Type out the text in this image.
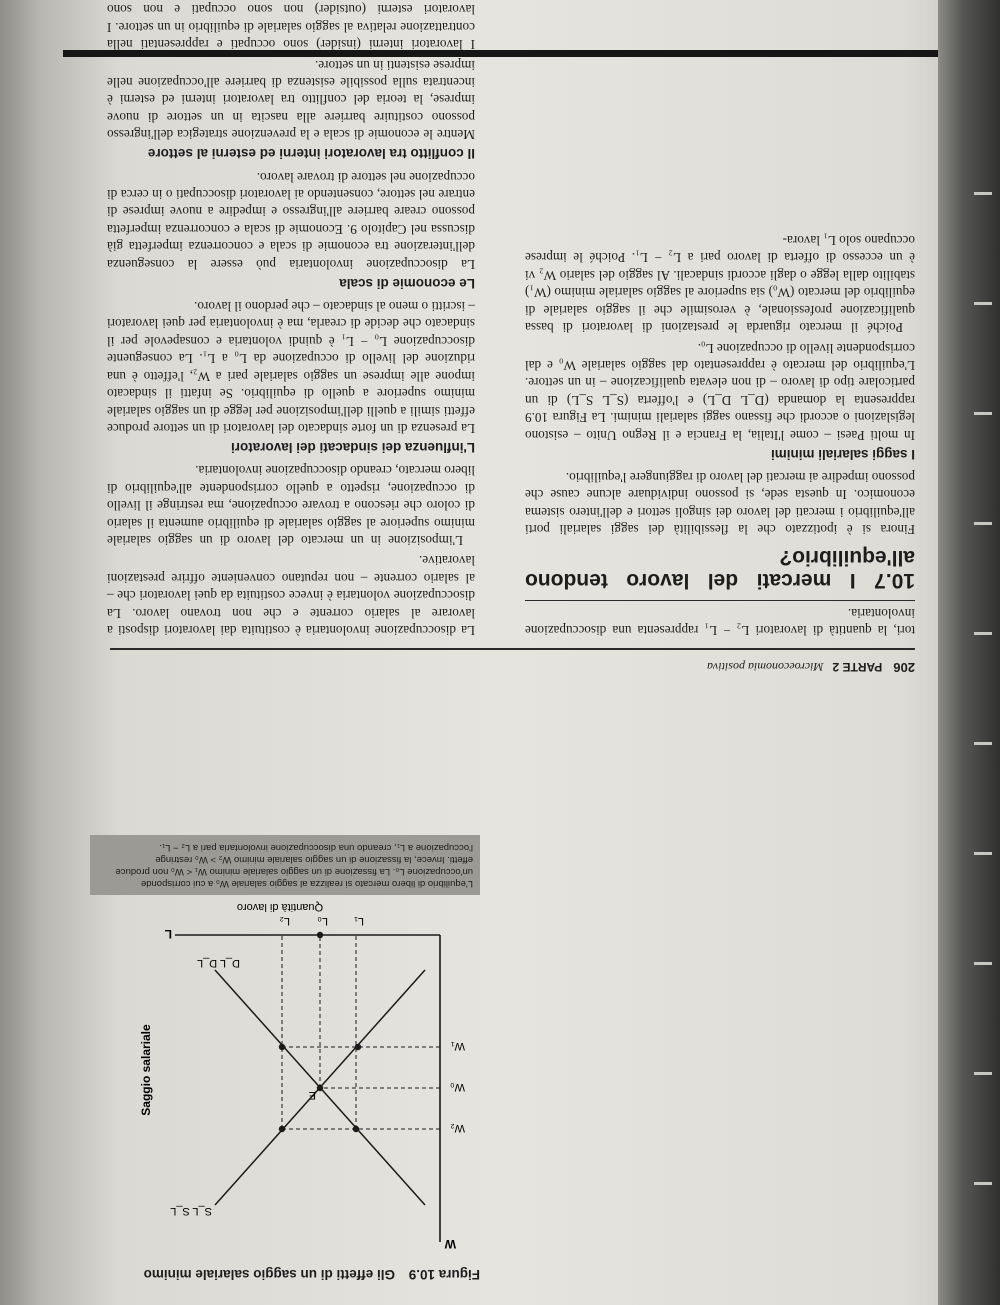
206 PARTE 2 Microeconomia positiva

tori, la quantità di lavoratori L₂ − L₁ rappresenta una disoccupazione involontaria.

10.7 I mercati del lavoro tendono all'equilibrio?

Finora si è ipotizzato che la flessibilità dei saggi salariali porti all'equilibrio i mercati del lavoro dei singoli settori e dell'intero sistema economico. In questa sede, si possono individuare alcune cause che possono impedire ai mercati del lavoro di raggiungere l'equilibrio.

I saggi salariali minimi

In molti Paesi – come l'Italia, la Francia e il Regno Unito – esistono legislazioni o accordi che fissano saggi salariali minimi. La Figura 10.9 rappresenta la domanda (D_L D_L) e l'offerta (S_L S_L) di un particolare tipo di lavoro – di non elevata qualificazione – in un settore. L'equilibrio del mercato è rappresentato dal saggio salariale W₀ e dal corrispondente livello di occupazione L₀.

Poiché il mercato riguarda le prestazioni di lavoratori di bassa qualificazione professionale, è verosimile che il saggio salariale di equilibrio del mercato (W₀) sia superiore al saggio salariale minimo (W₁) stabilito dalla legge o dagli accordi sindacali. Al saggio del salario W₂ vi è un eccesso di offerta di lavoro pari a L₂ − L₁. Poiché le imprese occupano solo L₁ lavora-

La disoccupazione involontaria è costituita dai lavoratori disposti a lavorare al salario corrente e che non trovano lavoro. La disoccupazione volontaria è invece costituita da quei lavoratori che – al salario corrente – non reputano conveniente offrire prestazioni lavorative.

L'imposizione in un mercato del lavoro di un saggio salariale minimo superiore al saggio salariale di equilibrio aumenta il salario di coloro che riescono a trovare occupazione, ma restringe il livello di occupazione, rispetto a quello corrispondente all'equilibrio di libero mercato, creando disoccupazione involontaria.

L'influenza dei sindacati dei lavoratori

La presenza di un forte sindacato dei lavoratori di un settore produce effetti simili a quelli dell'imposizione per legge di un saggio salariale minimo superiore a quello di equilibrio. Se infatti il sindacato impone alle imprese un saggio salariale pari a W₂, l'effetto è una riduzione del livello di occupazione da L₀ a L₁. La conseguente disoccupazione L₀ − L₁ è quindi volontaria e consapevole per il sindacato che decide di crearla, ma è involontaria per quei lavoratori – iscritti o meno al sindacato – che perdono il lavoro.

Le economie di scala

La disoccupazione involontaria può essere la conseguenza dell'interazione tra economie di scala e concorrenza imperfetta già discussa nel Capitolo 9. Economie di scala e concorrenza imperfetta possono creare barriere all'ingresso e impedire a nuove imprese di entrare nel settore, consentendo ai lavoratori disoccupati o in cerca di occupazione nel settore di trovare lavoro.

Il conflitto tra lavoratori interni ed esterni al settore

Mentre le economie di scala e la prevenzione strategica dell'ingresso possono costituire barriere alla nascita in un settore di nuove imprese, la teoria del conflitto tra lavoratori interni ed esterni è incentrata sulla possibile esistenza di barriere all'occupazione nelle imprese esistenti in un settore.

I lavoratori interni (insider) sono occupati e rappresentati nella contrattazione relativa al saggio salariale di equilibrio in un settore. I lavoratori esterni (outsider) non sono occupati e non sono

Figura 10.9 Gli effetti di un saggio salariale minimo
W
L
W₂
W₀
W₁
L₁
L₀
L₂
E
S_L S_L
D_L D_L
Saggio salariale
Quantità di lavoro
L'equilibrio di libero mercato si realizza al saggio salariale W₀ a cui corrisponde un'occupazione L₀. La fissazione di un saggio salariale minimo W₁ < W₀ non produce effetti. Invece, la fissazione di un saggio salariale minimo W₂ > W₀ restringe l'occupazione a L₁, creando una disoccupazione involontaria pari a L₂ − L₁.
